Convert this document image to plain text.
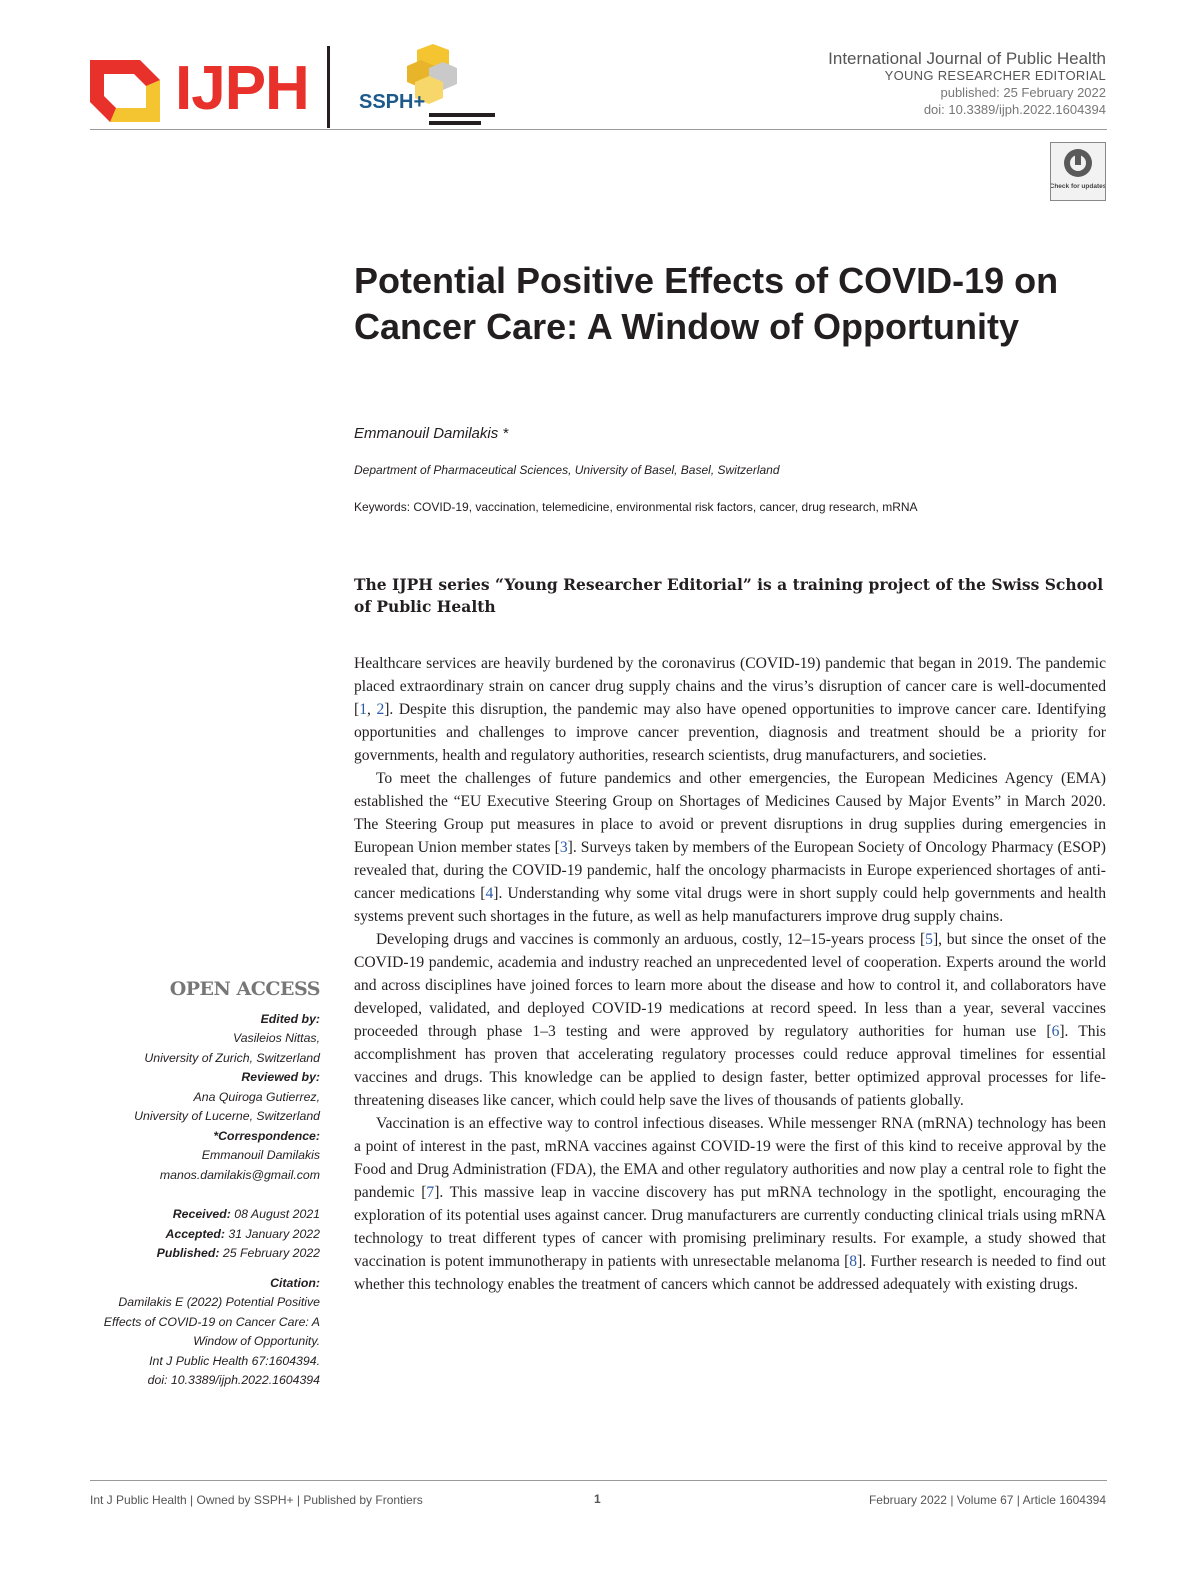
IJPH	SSPH+
International Journal of Public Health
YOUNG RESEARCHER EDITORIAL
published: 25 February 2022
doi: 10.3389/ijph.2022.1604394
Check for updates
Potential Positive Effects of COVID-19 on Cancer Care: A Window of Opportunity
Emmanouil Damilakis *
Department of Pharmaceutical Sciences, University of Basel, Basel, Switzerland
Keywords: COVID-19, vaccination, telemedicine, environmental risk factors, cancer, drug research, mRNA
The IJPH series “Young Researcher Editorial” is a training project of the Swiss School of Public Health

Healthcare services are heavily burdened by the coronavirus (COVID-19) pandemic that began in 2019. The pandemic placed extraordinary strain on cancer drug supply chains and the virus’s disruption of cancer care is well-documented [1, 2]. Despite this disruption, the pandemic may also have opened opportunities to improve cancer care. Identifying opportunities and challenges to improve cancer prevention, diagnosis and treatment should be a priority for governments, health and regulatory authorities, research scientists, drug manufacturers, and societies.

To meet the challenges of future pandemics and other emergencies, the European Medicines Agency (EMA) established the “EU Executive Steering Group on Shortages of Medicines Caused by Major Events” in March 2020. The Steering Group put measures in place to avoid or prevent disruptions in drug supplies during emergencies in European Union member states [3]. Surveys taken by members of the European Society of Oncology Pharmacy (ESOP) revealed that, during the COVID-19 pandemic, half the oncology pharmacists in Europe experienced shortages of anti-cancer medications [4]. Understanding why some vital drugs were in short supply could help governments and health systems prevent such shortages in the future, as well as help manufacturers improve drug supply chains.

Developing drugs and vaccines is commonly an arduous, costly, 12–15-years process [5], but since the onset of the COVID-19 pandemic, academia and industry reached an unprecedented level of cooperation. Experts around the world and across disciplines have joined forces to learn more about the disease and how to control it, and collaborators have developed, validated, and deployed COVID-19 medications at record speed. In less than a year, several vaccines proceeded through phase 1–3 testing and were approved by regulatory authorities for human use [6]. This accomplishment has proven that accelerating regulatory processes could reduce approval timelines for essential vaccines and drugs. This knowledge can be applied to design faster, better optimized approval processes for life-threatening diseases like cancer, which could help save the lives of thousands of patients globally.

Vaccination is an effective way to control infectious diseases. While messenger RNA (mRNA) technology has been a point of interest in the past, mRNA vaccines against COVID-19 were the first of this kind to receive approval by the Food and Drug Administration (FDA), the EMA and other regulatory authorities and now play a central role to fight the pandemic [7]. This massive leap in vaccine discovery has put mRNA technology in the spotlight, encouraging the exploration of its potential uses against cancer. Drug manufacturers are currently conducting clinical trials using mRNA technology to treat different types of cancer with promising preliminary results. For example, a study showed that vaccination is potent immunotherapy in patients with unresectable melanoma [8]. Further research is needed to find out whether this technology enables the treatment of cancers which cannot be addressed adequately with existing drugs.

OPEN ACCESS
Edited by:
Vasileios Nittas,
University of Zurich, Switzerland
Reviewed by:
Ana Quiroga Gutierrez,
University of Lucerne, Switzerland
*Correspondence:
Emmanouil Damilakis
manos.damilakis@gmail.com
Received: 08 August 2021
Accepted: 31 January 2022
Published: 25 February 2022
Citation:
Damilakis E (2022) Potential Positive
Effects of COVID-19 on Cancer Care: A
Window of Opportunity.
Int J Public Health 67:1604394.
doi: 10.3389/ijph.2022.1604394
Int J Public Health | Owned by SSPH+ | Published by Frontiers	1	February 2022 | Volume 67 | Article 1604394
